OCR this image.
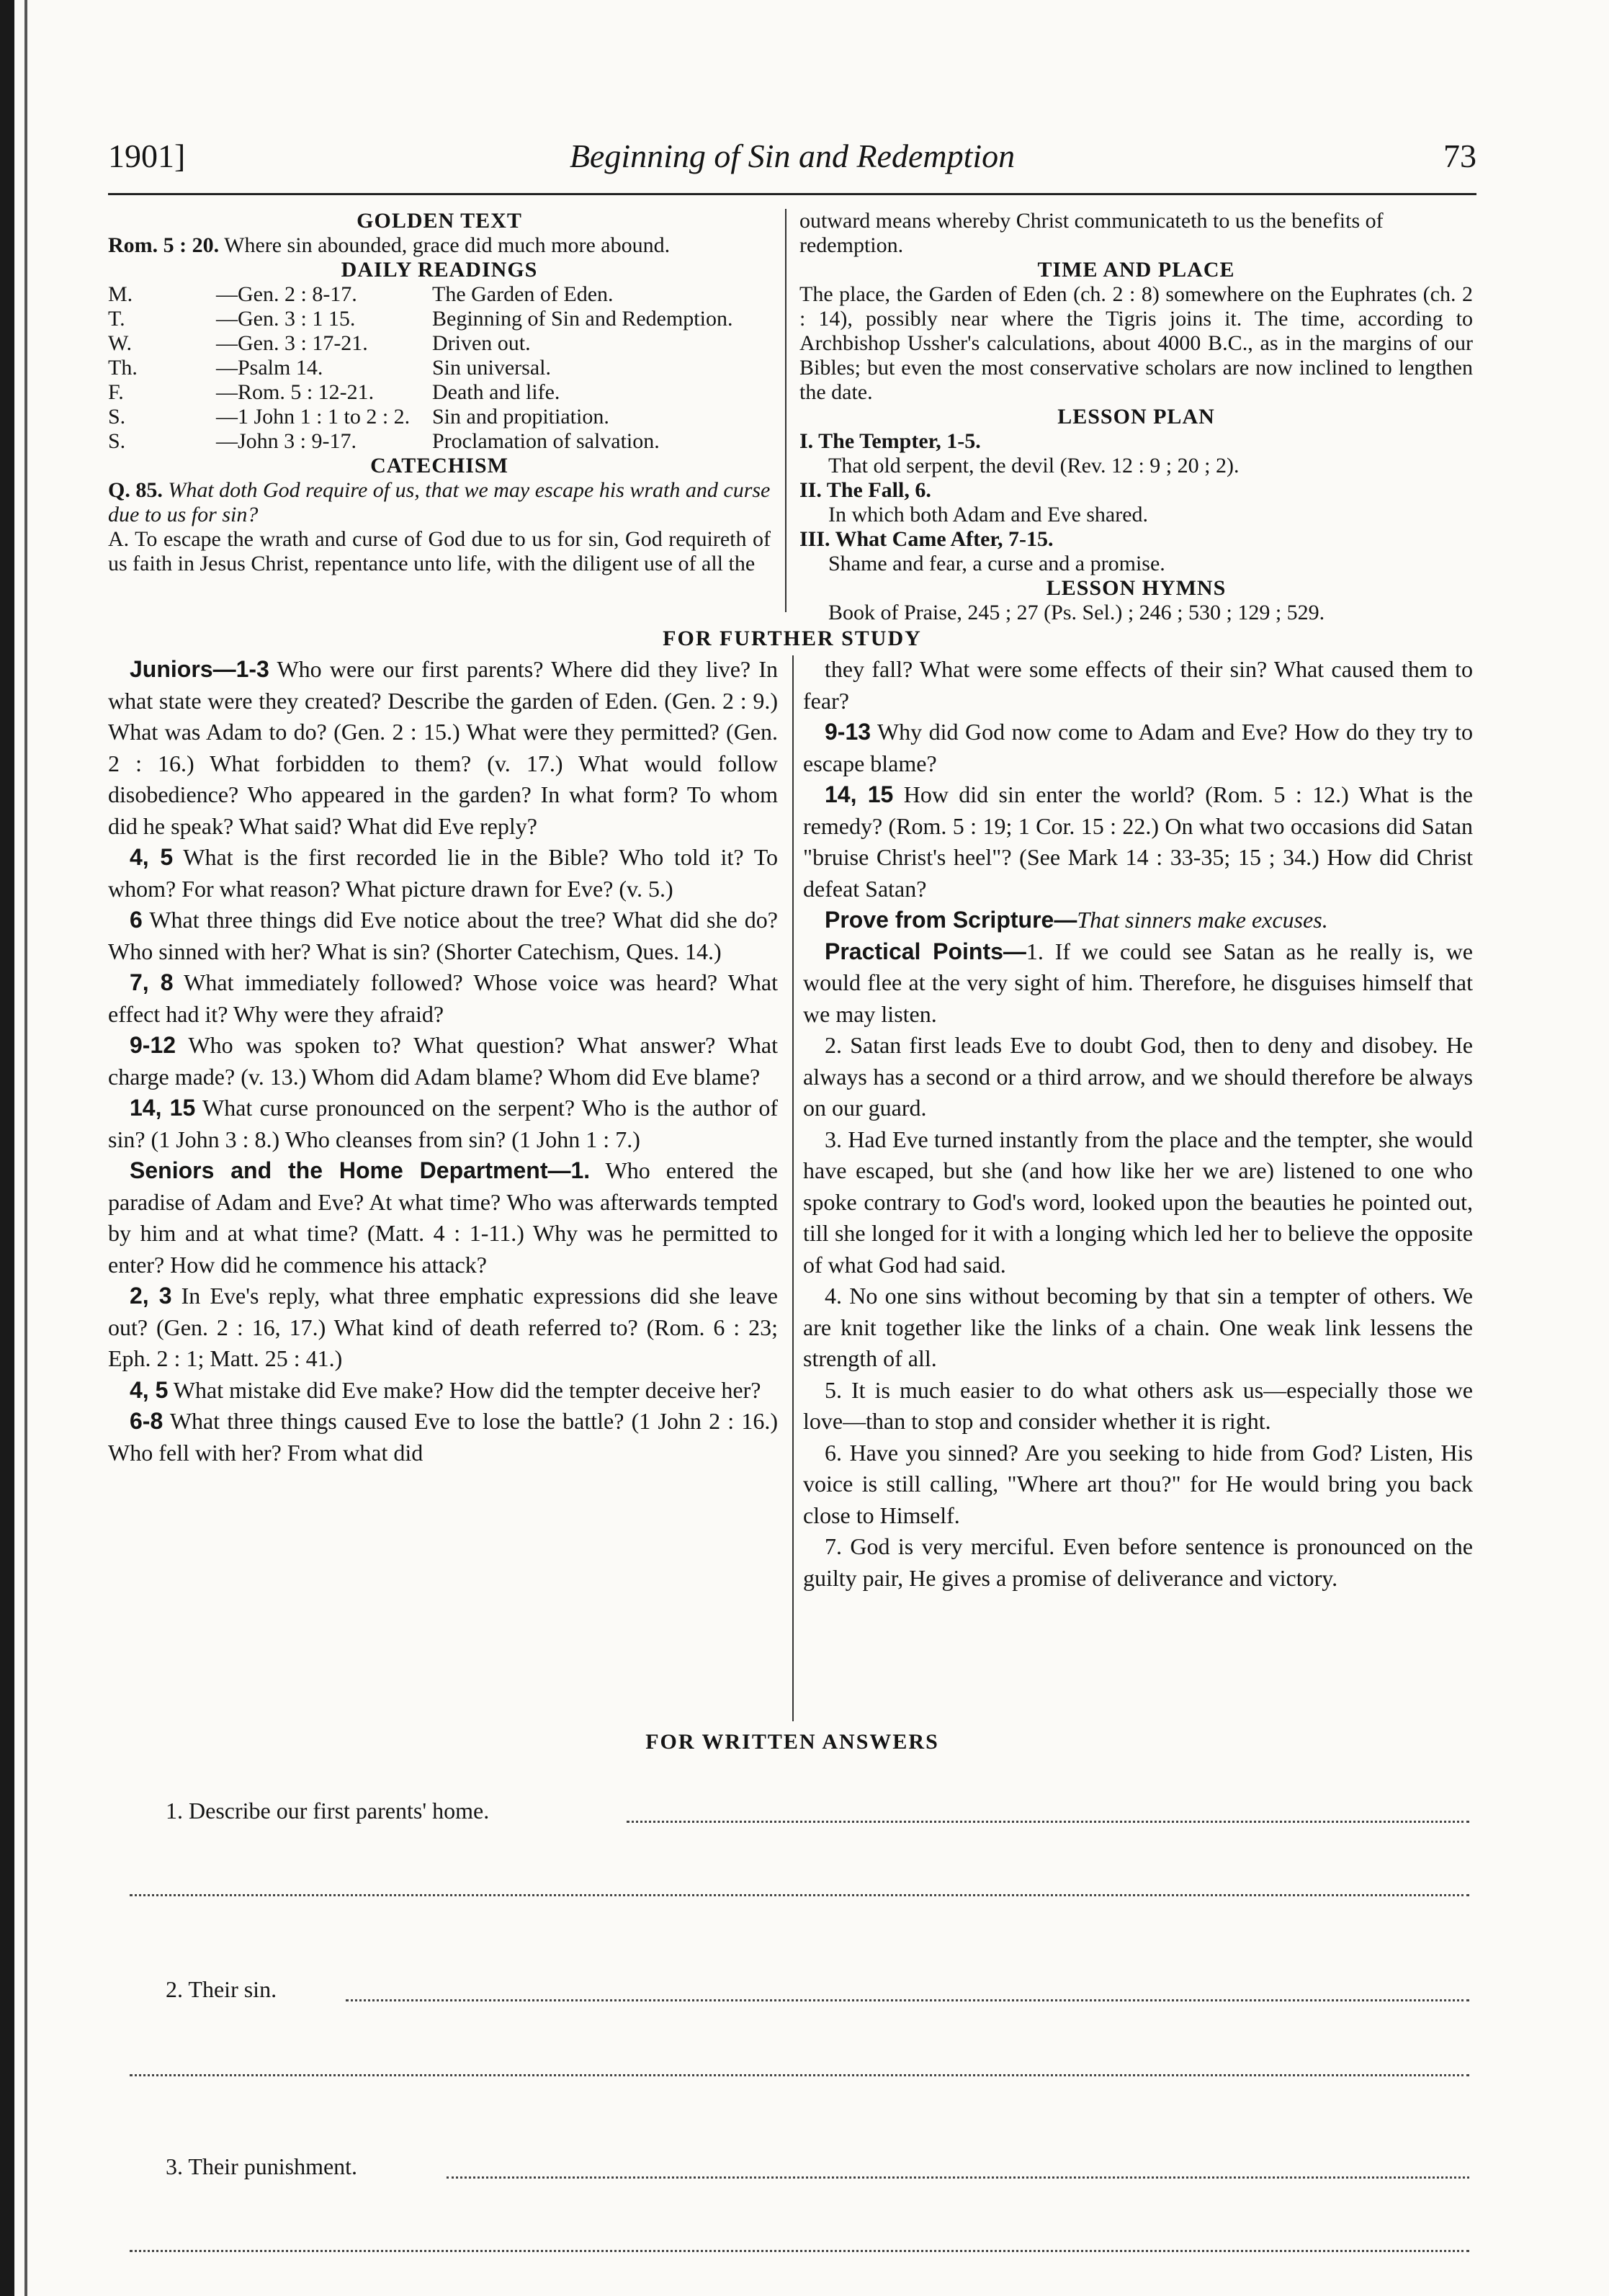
1901]	Beginning of Sin and Redemption	73
GOLDEN TEXT

Rom. 5 : 20. Where sin abounded, grace did much more abound.

DAILY READINGS
M.	—Gen. 2 : 8-17.	The Garden of Eden.
T.	—Gen. 3 : 1 15.	Beginning of Sin and Redemption.
W.	—Gen. 3 : 17-21.	Driven out.
Th.	—Psalm 14.	Sin universal.
F.	—Rom. 5 : 12-21.	Death and life.
S.	—1 John 1 : 1 to 2 : 2.	Sin and propitiation.
S.	—John 3 : 9-17.	Proclamation of salvation.
CATECHISM

Q. 85. What doth God require of us, that we may escape his wrath and curse due to us for sin?

A. To escape the wrath and curse of God due to us for sin, God requireth of us faith in Jesus Christ, repentance unto life, with the diligent use of all the

outward means whereby Christ communicateth to us the benefits of redemption.

TIME AND PLACE

The place, the Garden of Eden (ch. 2 : 8) somewhere on the Euphrates (ch. 2 : 14), possibly near where the Tigris joins it. The time, according to Archbishop Ussher's calculations, about 4000 B.C., as in the margins of our Bibles; but even the most conservative scholars are now inclined to lengthen the date.

LESSON PLAN

I. The Tempter, 1-5.

That old serpent, the devil (Rev. 12 : 9 ; 20 ; 2).

II. The Fall, 6.

In which both Adam and Eve shared.

III. What Came After, 7-15.

Shame and fear, a curse and a promise.

LESSON HYMNS

Book of Praise, 245 ; 27 (Ps. Sel.) ; 246 ; 530 ; 129 ; 529.

FOR FURTHER STUDY

Juniors—1-3 Who were our first parents? Where did they live? In what state were they created? Describe the garden of Eden. (Gen. 2 : 9.) What was Adam to do? (Gen. 2 : 15.) What were they permitted? (Gen. 2 : 16.) What forbidden to them? (v. 17.) What would follow disobedience? Who appeared in the garden? In what form? To whom did he speak? What said? What did Eve reply?

4, 5 What is the first recorded lie in the Bible? Who told it? To whom? For what reason? What picture drawn for Eve? (v. 5.)

6 What three things did Eve notice about the tree? What did she do? Who sinned with her? What is sin? (Shorter Catechism, Ques. 14.)

7, 8 What immediately followed? Whose voice was heard? What effect had it? Why were they afraid?

9-12 Who was spoken to? What question? What answer? What charge made? (v. 13.) Whom did Adam blame? Whom did Eve blame?

14, 15 What curse pronounced on the serpent? Who is the author of sin? (1 John 3 : 8.) Who cleanses from sin? (1 John 1 : 7.)

Seniors and the Home Department—1. Who entered the paradise of Adam and Eve? At what time? Who was afterwards tempted by him and at what time? (Matt. 4 : 1-11.) Why was he permitted to enter? How did he commence his attack?

2, 3 In Eve's reply, what three emphatic expressions did she leave out? (Gen. 2 : 16, 17.) What kind of death referred to? (Rom. 6 : 23; Eph. 2 : 1; Matt. 25 : 41.)

4, 5 What mistake did Eve make? How did the tempter deceive her?

6-8 What three things caused Eve to lose the battle? (1 John 2 : 16.) Who fell with her? From what did

they fall? What were some effects of their sin? What caused them to fear?

9-13 Why did God now come to Adam and Eve? How do they try to escape blame?

14, 15 How did sin enter the world? (Rom. 5 : 12.) What is the remedy? (Rom. 5 : 19; 1 Cor. 15 : 22.) On what two occasions did Satan "bruise Christ's heel"? (See Mark 14 : 33-35; 15 ; 34.) How did Christ defeat Satan?

Prove from Scripture—That sinners make excuses.

Practical Points—1. If we could see Satan as he really is, we would flee at the very sight of him. Therefore, he disguises himself that we may listen.

2. Satan first leads Eve to doubt God, then to deny and disobey. He always has a second or a third arrow, and we should therefore be always on our guard.

3. Had Eve turned instantly from the place and the tempter, she would have escaped, but she (and how like her we are) listened to one who spoke contrary to God's word, looked upon the beauties he pointed out, till she longed for it with a longing which led her to believe the opposite of what God had said.

4. No one sins without becoming by that sin a tempter of others. We are knit together like the links of a chain. One weak link lessens the strength of all.

5. It is much easier to do what others ask us—especially those we love—than to stop and consider whether it is right.

6. Have you sinned? Are you seeking to hide from God? Listen, His voice is still calling, "Where art thou?" for He would bring you back close to Himself.

7. God is very merciful. Even before sentence is pronounced on the guilty pair, He gives a promise of deliverance and victory.

FOR WRITTEN ANSWERS
1. Describe our first parents' home.
2. Their sin.
3. Their punishment.
